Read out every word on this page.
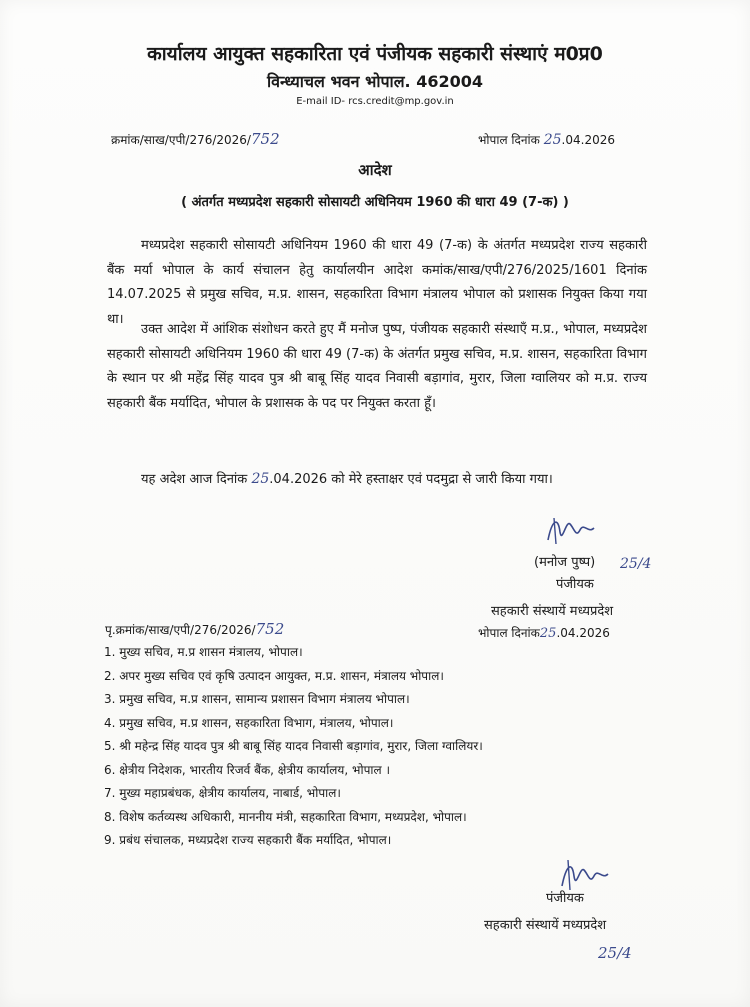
कार्यालय आयुक्त सहकारिता एवं पंजीयक सहकारी संस्थाएं म0प्र0
विन्ध्याचल भवन भोपाल. 462004
E-mail ID- rcs.credit@mp.gov.in
क्रमांक/साख/एपी/276/2026/752	भोपाल दिनांक 25.04.2026
आदेश
( अंतर्गत मध्यप्रदेश सहकारी सोसायटी अधिनियम 1960 की धारा 49 (7-क) )
मध्यप्रदेश सहकारी सोसायटी अधिनियम 1960 की धारा 49 (7-क) के अंतर्गत मध्यप्रदेश राज्य सहकारी बैंक मर्या भोपाल के कार्य संचालन हेतु कार्यालयीन आदेश कमांक/साख/एपी/276/2025/1601 दिनांक 14.07.2025 से प्रमुख सचिव, म.प्र. शासन, सहकारिता विभाग मंत्रालय भोपाल को प्रशासक नियुक्त किया गया था।
उक्त आदेश में आंशिक संशोधन करते हुए मैं मनोज पुष्प, पंजीयक सहकारी संस्थाएँ म.प्र., भोपाल, मध्यप्रदेश सहकारी सोसायटी अधिनियम 1960 की धारा 49 (7-क) के अंतर्गत प्रमुख सचिव, म.प्र. शासन, सहकारिता विभाग के स्थान पर श्री महेंद्र सिंह यादव पुत्र श्री बाबू सिंह यादव निवासी बड़ागांव, मुरार, जिला ग्वालियर को म.प्र. राज्य सहकारी बैंक मर्यादित, भोपाल के प्रशासक के पद पर नियुक्त करता हूँ।
यह अदेश आज दिनांक 25.04.2026 को मेरे हस्ताक्षर एवं पदमुद्रा से जारी किया गया।
(मनोज पुष्प) 25/4
पंजीयक
सहकारी संस्थायें मध्यप्रदेश
पृ.क्रमांक/साख/एपी/276/2026/752	भोपाल दिनांक25.04.2026
1. मुख्य सचिव, म.प्र शासन मंत्रालय, भोपाल।
2. अपर मुख्य सचिव एवं कृषि उत्पादन आयुक्त, म.प्र. शासन, मंत्रालय भोपाल।
3. प्रमुख सचिव, म.प्र शासन, सामान्य प्रशासन विभाग मंत्रालय भोपाल।
4. प्रमुख सचिव, म.प्र शासन, सहकारिता विभाग, मंत्रालय, भोपाल।
5. श्री महेन्द्र सिंह यादव पुत्र श्री बाबू सिंह यादव निवासी बड़ागांव, मुरार, जिला ग्वालियर।
6. क्षेत्रीय निदेशक, भारतीय रिजर्व बैंक, क्षेत्रीय कार्यालय, भोपाल ।
7. मुख्य महाप्रबंधक, क्षेत्रीय कार्यालय, नाबार्ड, भोपाल।
8. विशेष कर्तव्यस्थ अधिकारी, माननीय मंत्री, सहकारिता विभाग, मध्यप्रदेश, भोपाल।
9. प्रबंध संचालक, मध्यप्रदेश राज्य सहकारी बैंक मर्यादित, भोपाल।
पंजीयक
सहकारी संस्थायें मध्यप्रदेश
25/4
